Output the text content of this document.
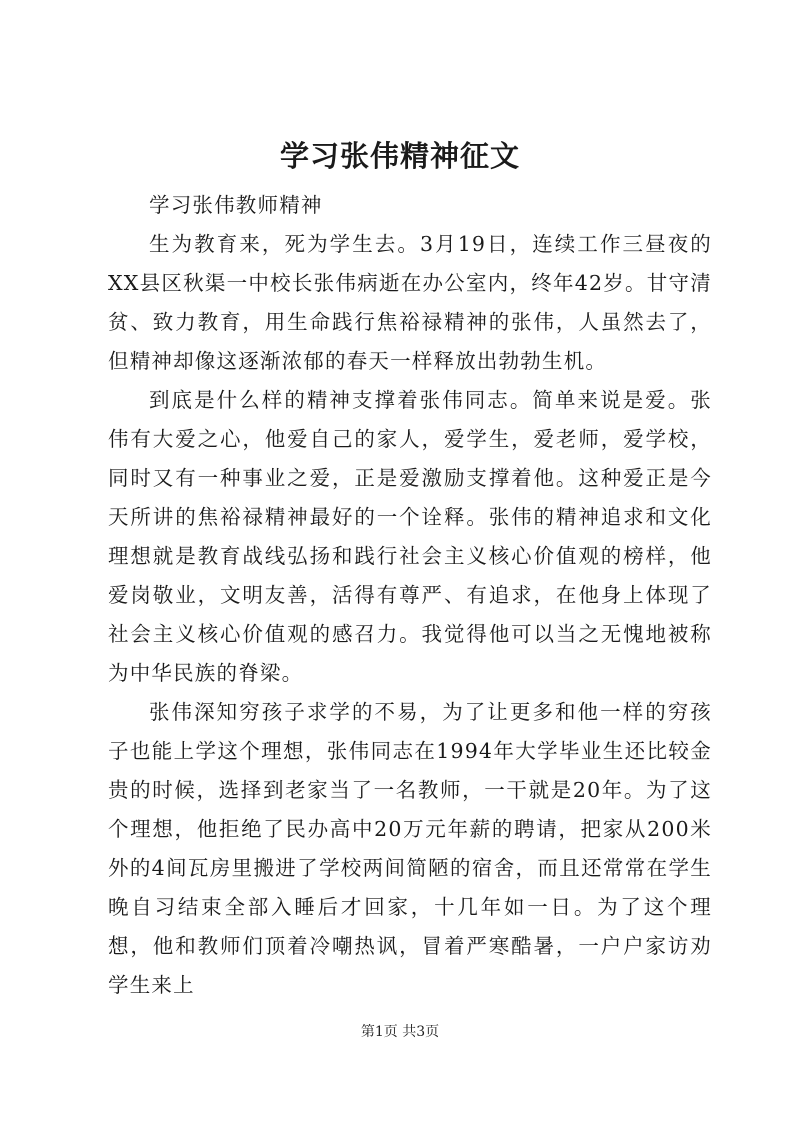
学习张伟精神征文

学习张伟教师精神

生为教育来，死为学生去。3月19日，连续工作三昼夜的XX县区秋渠一中校长张伟病逝在办公室内，终年42岁。甘守清贫、致力教育，用生命践行焦裕禄精神的张伟，人虽然去了，但精神却像这逐渐浓郁的春天一样释放出勃勃生机。

到底是什么样的精神支撑着张伟同志。简单来说是爱。张伟有大爱之心，他爱自己的家人，爱学生，爱老师，爱学校，同时又有一种事业之爱，正是爱激励支撑着他。这种爱正是今天所讲的焦裕禄精神最好的一个诠释。张伟的精神追求和文化理想就是教育战线弘扬和践行社会主义核心价值观的榜样，他爱岗敬业，文明友善，活得有尊严、有追求，在他身上体现了社会主义核心价值观的感召力。我觉得他可以当之无愧地被称为中华民族的脊梁。

张伟深知穷孩子求学的不易，为了让更多和他一样的穷孩子也能上学这个理想，张伟同志在1994年大学毕业生还比较金贵的时候，选择到老家当了一名教师，一干就是20年。为了这个理想，他拒绝了民办高中20万元年薪的聘请，把家从200米外的4间瓦房里搬进了学校两间简陋的宿舍，而且还常常在学生晚自习结束全部入睡后才回家，十几年如一日。为了这个理想，他和教师们顶着冷嘲热讽，冒着严寒酷暑，一户户家访劝学生来上

第1页 共3页
